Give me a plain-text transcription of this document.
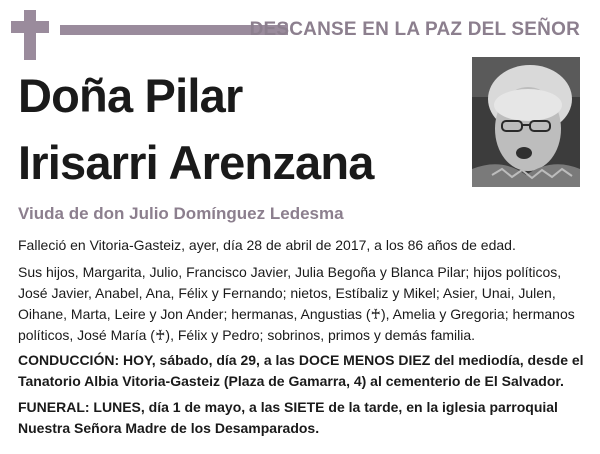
DESCANSE EN LA PAZ DEL SEÑOR
Doña Pilar
Irisarri Arenzana
Viuda de don Julio Domínguez Ledesma
Falleció en Vitoria-Gasteiz, ayer, día 28 de abril de 2017, a los 86 años de edad.
Sus hijos, Margarita, Julio, Francisco Javier, Julia Begoña y Blanca Pilar; hijos políticos,
José Javier, Anabel, Ana, Félix y Fernando; nietos, Estíbaliz y Mikel; Asier, Unai, Julen,
Oihane, Marta, Leire y Jon Ander; hermanas, Angustias (♰), Amelia y Gregoria; hermanos
políticos, José María (♰), Félix y Pedro; sobrinos, primos y demás familia.
CONDUCCIÓN: HOY, sábado, día 29, a las DOCE MENOS DIEZ del mediodía, desde el
Tanatorio Albia Vitoria-Gasteiz (Plaza de Gamarra, 4) al cementerio de El Salvador.
FUNERAL: LUNES, día 1 de mayo, a las SIETE de la tarde, en la iglesia parroquial
Nuestra Señora Madre de los Desamparados.
